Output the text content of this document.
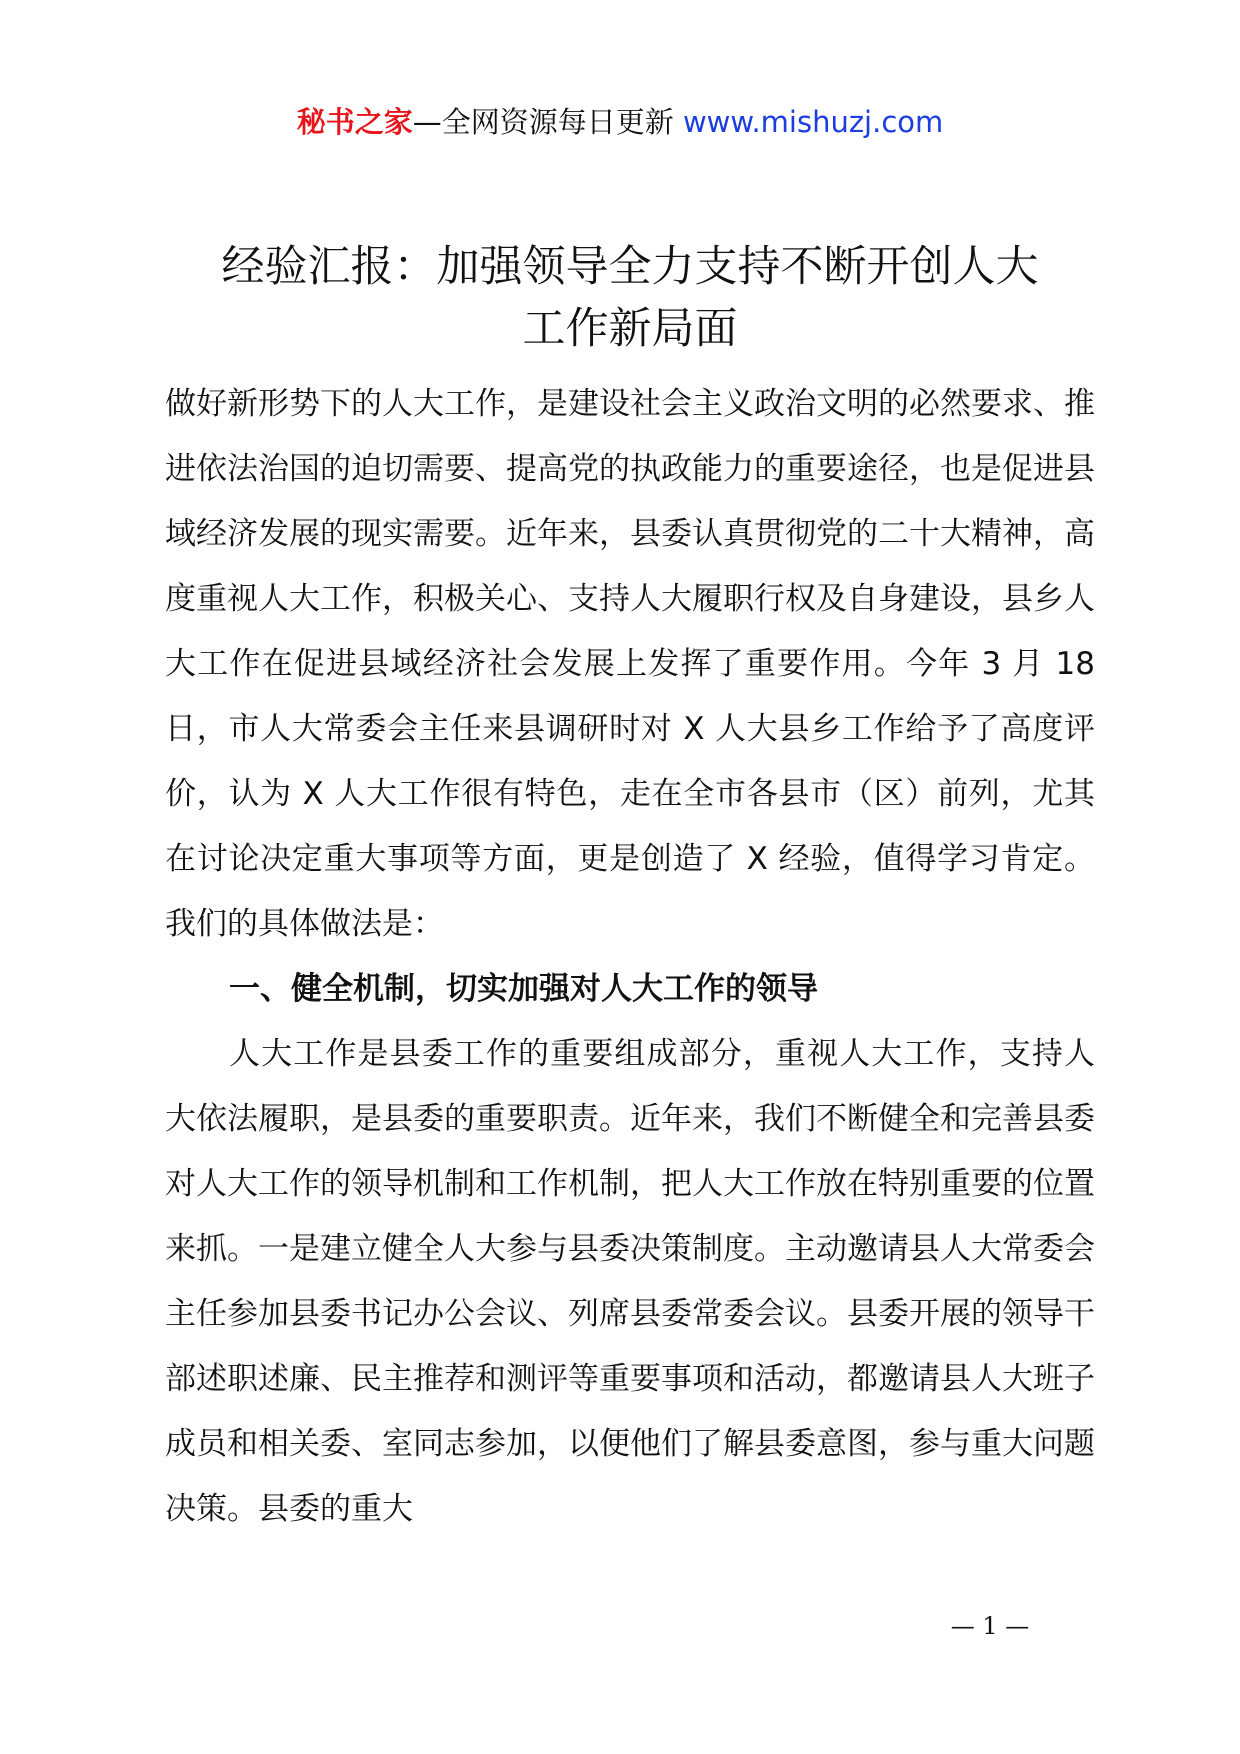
秘书之家—全网资源每日更新 www.mishuzj.com
经验汇报：加强领导全力支持不断开创人大
工作新局面

做好新形势下的人大工作，是建设社会主义政治文明的必然要求、推进依法治国的迫切需要、提高党的执政能力的重要途径，也是促进县域经济发展的现实需要。近年来，县委认真贯彻党的二十大精神，高度重视人大工作，积极关心、支持人大履职行权及自身建设，县乡人大工作在促进县域经济社会发展上发挥了重要作用。今年 3 月 18 日，市人大常委会主任来县调研时对 X 人大县乡工作给予了高度评价，认为 X 人大工作很有特色，走在全市各县市（区）前列，尤其在讨论决定重大事项等方面，更是创造了 X 经验，值得学习肯定。我们的具体做法是：

一、健全机制，切实加强对人大工作的领导

人大工作是县委工作的重要组成部分，重视人大工作，支持人大依法履职，是县委的重要职责。近年来，我们不断健全和完善县委对人大工作的领导机制和工作机制，把人大工作放在特别重要的位置来抓。一是建立健全人大参与县委决策制度。主动邀请县人大常委会主任参加县委书记办公会议、列席县委常委会议。县委开展的领导干部述职述廉、民主推荐和测评等重要事项和活动，都邀请县人大班子成员和相关委、室同志参加，以便他们了解县委意图，参与重大问题决策。县委的重大

— 1 —
